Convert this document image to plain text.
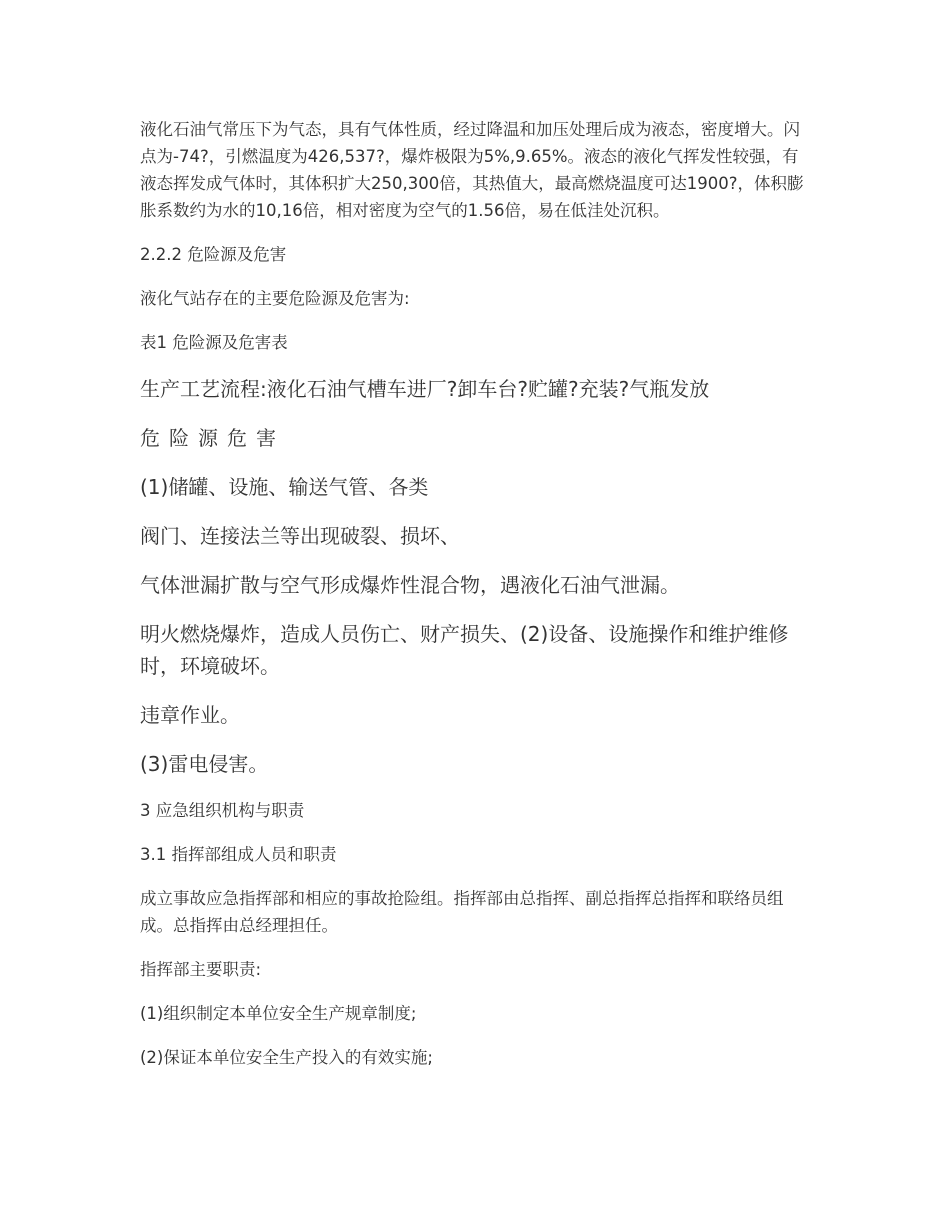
液化石油气常压下为气态，具有气体性质，经过降温和加压处理后成为液态，密度增大。闪点为-74?，引燃温度为426,537?，爆炸极限为5%,9.65%。液态的液化气挥发性较强，有液态挥发成气体时，其体积扩大250,300倍，其热值大，最高燃烧温度可达1900?，体积膨胀系数约为水的10,16倍，相对密度为空气的1.56倍，易在低洼处沉积。

2.2.2 危险源及危害

液化气站存在的主要危险源及危害为:

表1 危险源及危害表

生产工艺流程:液化石油气槽车进厂?卸车台?贮罐?充装?气瓶发放

危险源危害

(1)储罐、设施、输送气管、各类

阀门、连接法兰等出现破裂、损坏、

气体泄漏扩散与空气形成爆炸性混合物，遇液化石油气泄漏。

明火燃烧爆炸，造成人员伤亡、财产损失、(2)设备、设施操作和维护维修时，环境破坏。

违章作业。

(3)雷电侵害。

3 应急组织机构与职责

3.1 指挥部组成人员和职责

成立事故应急指挥部和相应的事故抢险组。指挥部由总指挥、副总指挥总指挥和联络员组成。总指挥由总经理担任。

指挥部主要职责:

(1)组织制定本单位安全生产规章制度;

(2)保证本单位安全生产投入的有效实施;
